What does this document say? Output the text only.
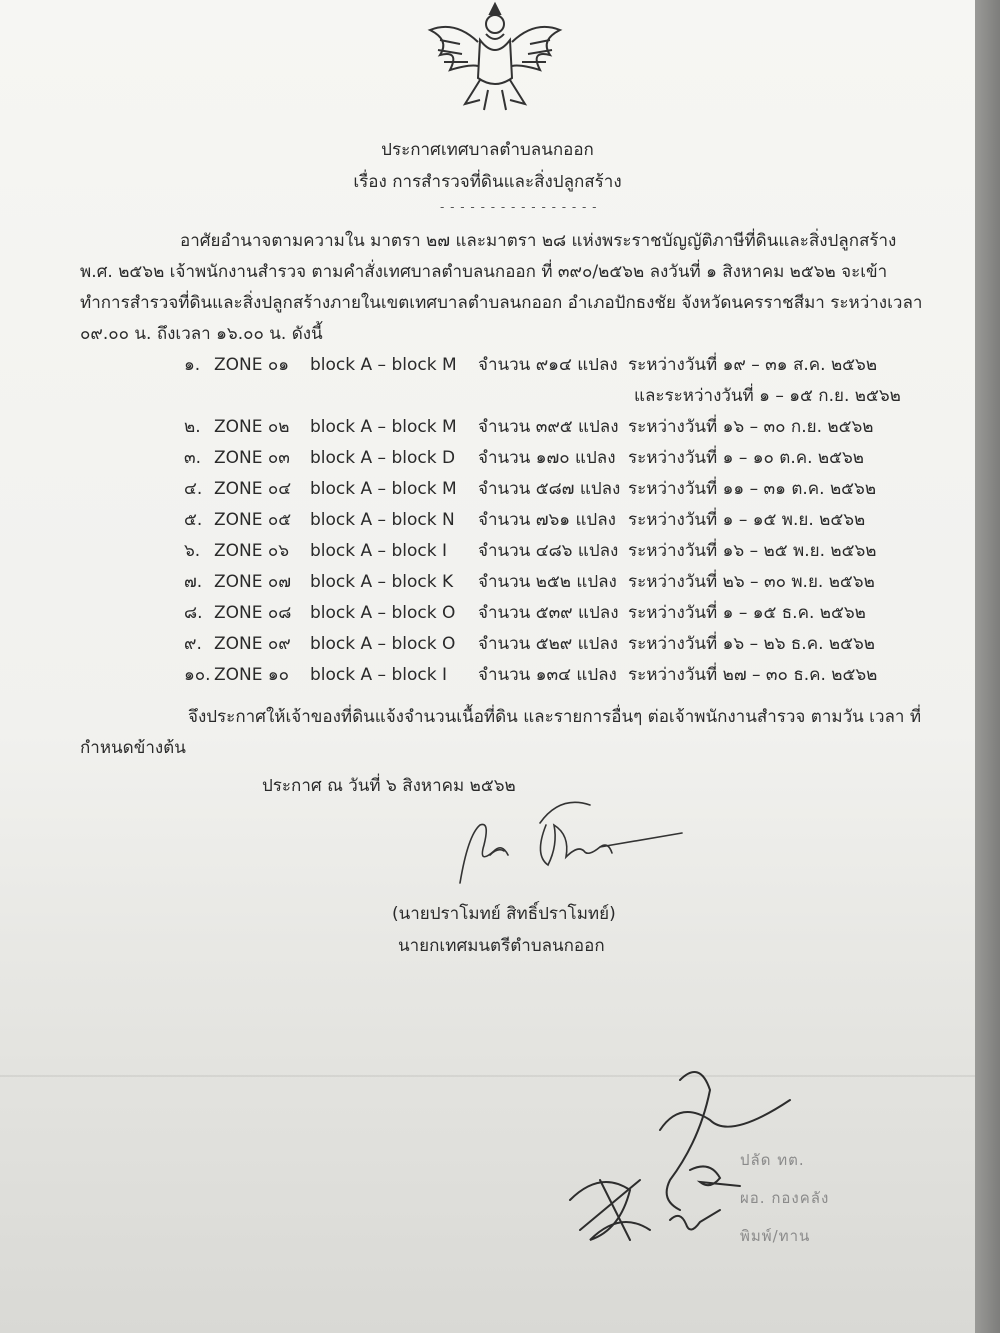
ประกาศเทศบาลตำบลนกออก
เรื่อง การสำรวจที่ดินและสิ่งปลูกสร้าง
- - - - - - - - - - - - - - - -
อาศัยอำนาจตามความใน มาตรา ๒๗ และมาตรา ๒๘ แห่งพระราชบัญญัติภาษีที่ดินและสิ่งปลูกสร้าง
พ.ศ. ๒๕๖๒ เจ้าพนักงานสำรวจ ตามคำสั่งเทศบาลตำบลนกออก ที่ ๓๙๐/๒๕๖๒ ลงวันที่ ๑ สิงหาคม ๒๕๖๒ จะเข้า
ทำการสำรวจที่ดินและสิ่งปลูกสร้างภายในเขตเทศบาลตำบลนกออก อำเภอปักธงชัย จังหวัดนครราชสีมา ระหว่างเวลา
๐๙.๐๐ น. ถึงเวลา ๑๖.๐๐ น. ดังนี้
๑. ZONE ๐๑ block A – block M จำนวน ๙๑๔ แปลง ระหว่างวันที่ ๑๙ – ๓๑ ส.ค. ๒๕๖๒
และระหว่างวันที่ ๑ – ๑๕ ก.ย. ๒๕๖๒
๒. ZONE ๐๒ block A – block M จำนวน ๓๙๕ แปลง ระหว่างวันที่ ๑๖ – ๓๐ ก.ย. ๒๕๖๒
๓. ZONE ๐๓ block A – block D จำนวน ๑๗๐ แปลง ระหว่างวันที่ ๑ – ๑๐ ต.ค. ๒๕๖๒
๔. ZONE ๐๔ block A – block M จำนวน ๕๘๗ แปลง ระหว่างวันที่ ๑๑ – ๓๑ ต.ค. ๒๕๖๒
๕. ZONE ๐๕ block A – block N จำนวน ๗๖๑ แปลง ระหว่างวันที่ ๑ – ๑๕ พ.ย. ๒๕๖๒
๖. ZONE ๐๖ block A – block I จำนวน ๔๘๖ แปลง ระหว่างวันที่ ๑๖ – ๒๕ พ.ย. ๒๕๖๒
๗. ZONE ๐๗ block A – block K จำนวน ๒๕๒ แปลง ระหว่างวันที่ ๒๖ – ๓๐ พ.ย. ๒๕๖๒
๘. ZONE ๐๘ block A – block O จำนวน ๕๓๙ แปลง ระหว่างวันที่ ๑ – ๑๕ ธ.ค. ๒๕๖๒
๙. ZONE ๐๙ block A – block O จำนวน ๕๒๙ แปลง ระหว่างวันที่ ๑๖ – ๒๖ ธ.ค. ๒๕๖๒
๑๐. ZONE ๑๐ block A – block I จำนวน ๑๓๔ แปลง ระหว่างวันที่ ๒๗ – ๓๐ ธ.ค. ๒๕๖๒
จึงประกาศให้เจ้าของที่ดินแจ้งจำนวนเนื้อที่ดิน และรายการอื่นๆ ต่อเจ้าพนักงานสำรวจ ตามวัน เวลา ที่
กำหนดข้างต้น
ประกาศ ณ วันที่ ๖ สิงหาคม ๒๕๖๒
(นายปราโมทย์ สิทธิ์ปราโมทย์)
นายกเทศมนตรีตำบลนกออก
ปลัด ทต.
ผอ. กองคลัง
พิมพ์/ทาน
